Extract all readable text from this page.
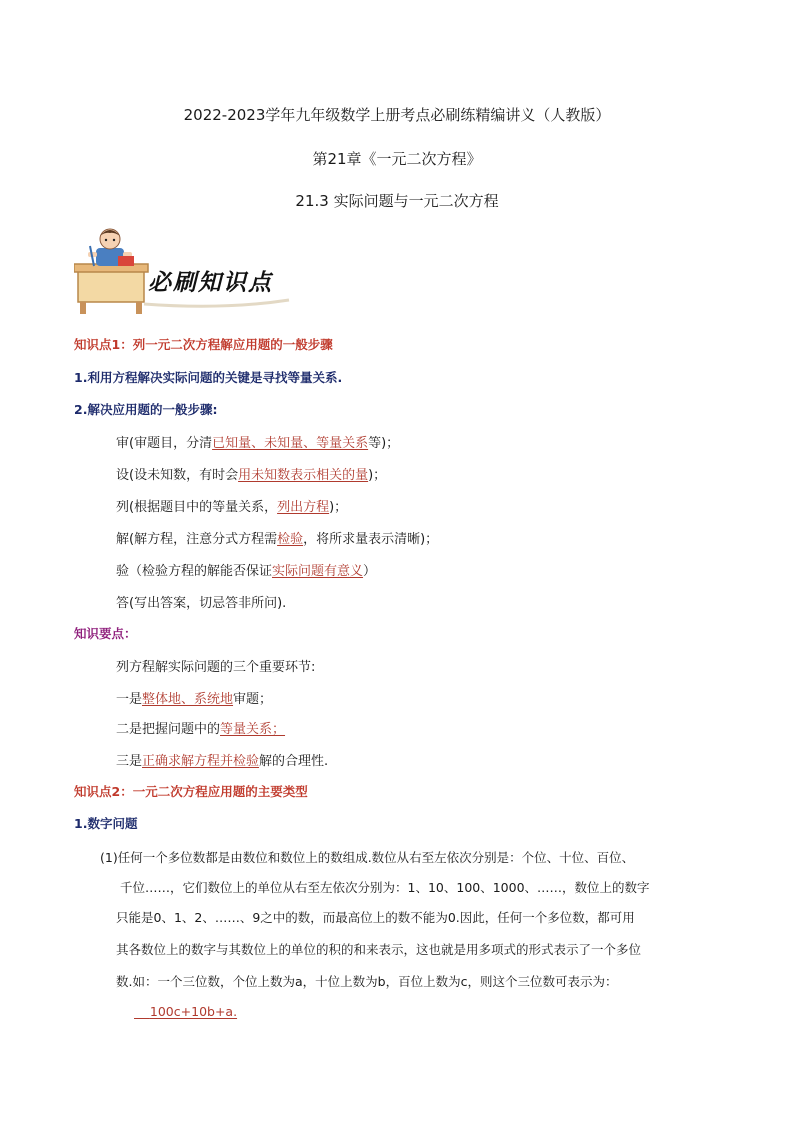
2022-2023学年九年级数学上册考点必刷练精编讲义（人教版）
第21章《一元二次方程》
21.3 实际问题与一元二次方程
必刷知识点
知识点1：列一元二次方程解应用题的一般步骤
1.利用方程解决实际问题的关键是寻找等量关系.
2.解决应用题的一般步骤:
审(审题目，分清已知量、未知量、等量关系等)；
设(设未知数，有时会用未知数表示相关的量)；
列(根据题目中的等量关系，列出方程)；
解(解方程，注意分式方程需检验，将所求量表示清晰)；
验（检验方程的解能否保证实际问题有意义）
答(写出答案，切忌答非所问).
知识要点：
列方程解实际问题的三个重要环节:
一是整体地、系统地审题；
二是把握问题中的等量关系；
三是正确求解方程并检验解的合理性.
知识点2：一元二次方程应用题的主要类型
1.数字问题
(1)任何一个多位数都是由数位和数位上的数组成.数位从右至左依次分别是：个位、十位、百位、
千位……，它们数位上的单位从右至左依次分别为：1、10、100、1000、……，数位上的数字
只能是0、1、2、……、9之中的数，而最高位上的数不能为0.因此，任何一个多位数，都可用
其各数位上的数字与其数位上的单位的积的和来表示，这也就是用多项式的形式表示了一个多位
数.如：一个三位数，个位上数为a，十位上数为b，百位上数为c，则这个三位数可表示为：
100c+10b+a.
